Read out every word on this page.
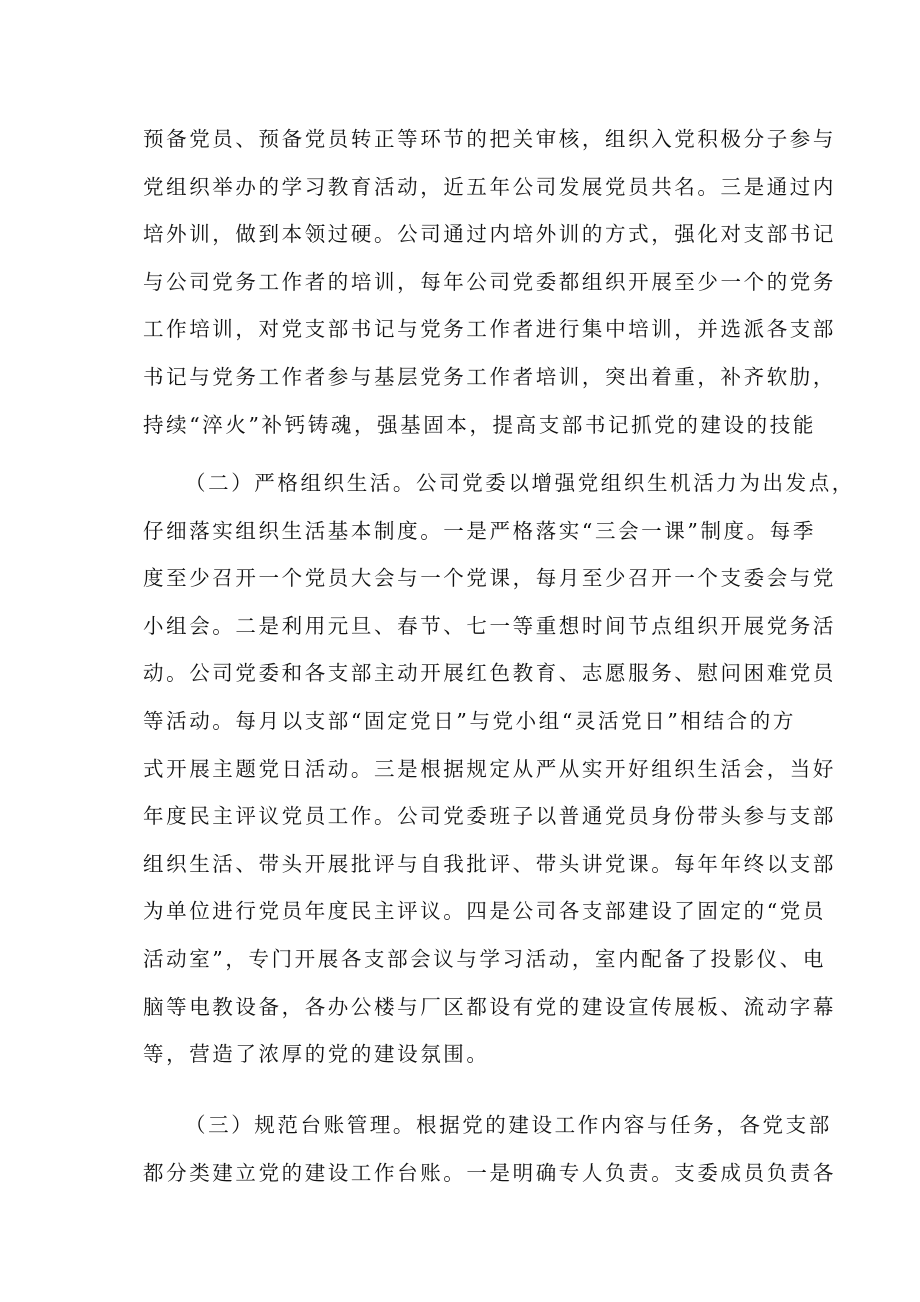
预备党员、预备党员转正等环节的把关审核，组织入党积极分子参与
党组织举办的学习教育活动，近五年公司发展党员共名。三是通过内
培外训，做到本领过硬。公司通过内培外训的方式，强化对支部书记
与公司党务工作者的培训，每年公司党委都组织开展至少一个的党务
工作培训，对党支部书记与党务工作者进行集中培训，并选派各支部
书记与党务工作者参与基层党务工作者培训，突出着重，补齐软肋，
持续“淬火”补钙铸魂，强基固本，提高支部书记抓党的建设的技能
（二）严格组织生活。公司党委以增强党组织生机活力为出发点，
仔细落实组织生活基本制度。一是严格落实“三会一课”制度。每季
度至少召开一个党员大会与一个党课，每月至少召开一个支委会与党
小组会。二是利用元旦、春节、七一等重想时间节点组织开展党务活
动。公司党委和各支部主动开展红色教育、志愿服务、慰问困难党员
等活动。每月以支部“固定党日”与党小组“灵活党日”相结合的方
式开展主题党日活动。三是根据规定从严从实开好组织生活会，当好
年度民主评议党员工作。公司党委班子以普通党员身份带头参与支部
组织生活、带头开展批评与自我批评、带头讲党课。每年年终以支部
为单位进行党员年度民主评议。四是公司各支部建设了固定的“党员
活动室”，专门开展各支部会议与学习活动，室内配备了投影仪、电
脑等电教设备，各办公楼与厂区都设有党的建设宣传展板、流动字幕
等，营造了浓厚的党的建设氛围。
（三）规范台账管理。根据党的建设工作内容与任务，各党支部
都分类建立党的建设工作台账。一是明确专人负责。支委成员负责各
